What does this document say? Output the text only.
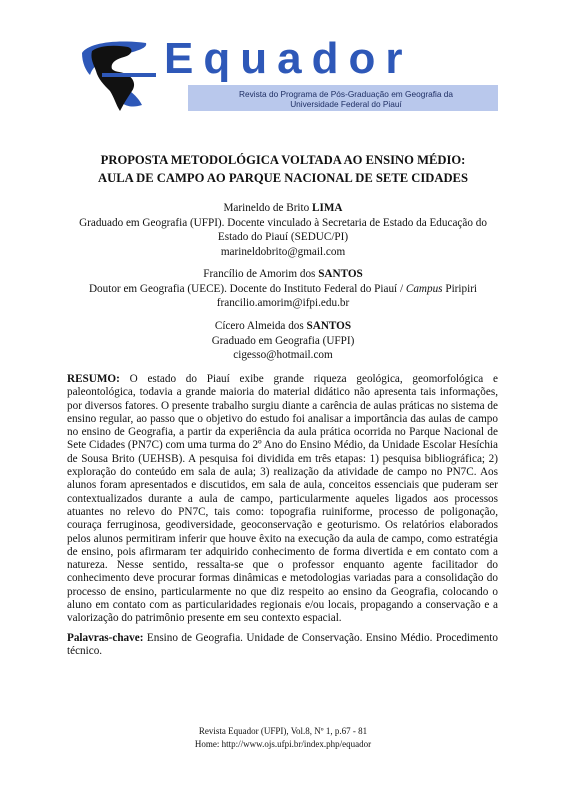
Equador
Revista do Programa de Pós-Graduação em Geografia da
Universidade Federal do Piauí
PROPOSTA METODOLÓGICA VOLTADA AO ENSINO MÉDIO:
AULA DE CAMPO AO PARQUE NACIONAL DE SETE CIDADES
Marineldo de Brito LIMA
Graduado em Geografia (UFPI). Docente vinculado à Secretaria de Estado da Educação do
Estado do Piauí (SEDUC/PI)
marineldobrito@gmail.com
Francílio de Amorim dos SANTOS
Doutor em Geografia (UECE). Docente do Instituto Federal do Piauí / Campus Piripiri
francilio.amorim@ifpi.edu.br
Cícero Almeida dos SANTOS
Graduado em Geografia (UFPI)
cigesso@hotmail.com
RESUMO: O estado do Piauí exibe grande riqueza geológica, geomorfológica e paleontológica, todavia a grande maioria do material didático não apresenta tais informações, por diversos fatores. O presente trabalho surgiu diante a carência de aulas práticas no sistema de ensino regular, ao passo que o objetivo do estudo foi analisar a importância das aulas de campo no ensino de Geografia, a partir da experiência da aula prática ocorrida no Parque Nacional de Sete Cidades (PN7C) com uma turma do 2º Ano do Ensino Médio, da Unidade Escolar Hesíchia de Sousa Brito (UEHSB). A pesquisa foi dividida em três etapas: 1) pesquisa bibliográfica; 2) exploração do conteúdo em sala de aula; 3) realização da atividade de campo no PN7C. Aos alunos foram apresentados e discutidos, em sala de aula, conceitos essenciais que puderam ser contextualizados durante a aula de campo, particularmente aqueles ligados aos processos atuantes no relevo do PN7C, tais como: topografia ruiniforme, processo de poligonação, couraça ferruginosa, geodiversidade, geoconservação e geoturismo. Os relatórios elaborados pelos alunos permitiram inferir que houve êxito na execução da aula de campo, como estratégia de ensino, pois afirmaram ter adquirido conhecimento de forma divertida e em contato com a natureza. Nesse sentido, ressalta-se que o professor enquanto agente facilitador do conhecimento deve procurar formas dinâmicas e metodologias variadas para a consolidação do processo de ensino, particularmente no que diz respeito ao ensino da Geografia, colocando o aluno em contato com as particularidades regionais e/ou locais, propagando a conservação e a valorização do patrimônio presente em seu contexto espacial.
Palavras-chave: Ensino de Geografia. Unidade de Conservação. Ensino Médio. Procedimento técnico.
Revista Equador (UFPI), Vol.8, Nº 1, p.67 - 81
Home: http://www.ojs.ufpi.br/index.php/equador
